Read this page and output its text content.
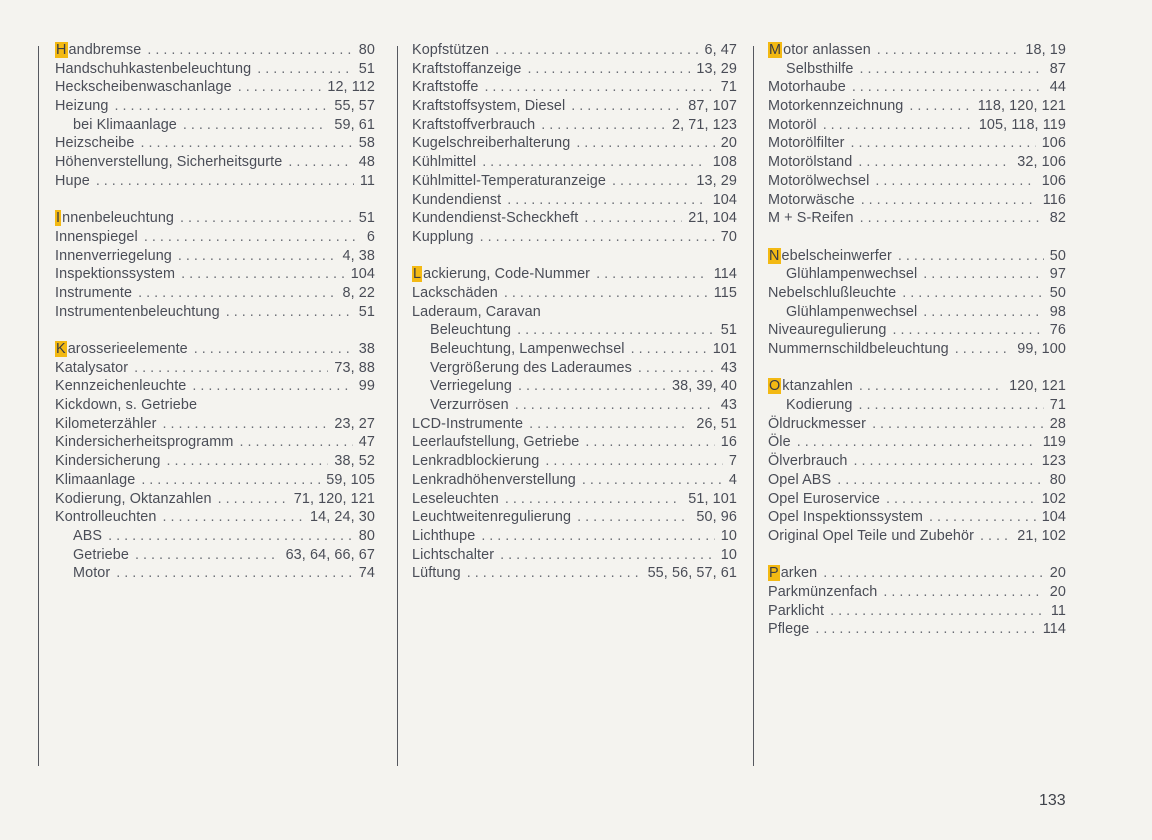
H andbremse . . .	80
Handschuhkastenbeleuchtung . . .	51
Heckscheibenwaschanlage . . .	12, 112
Heizung . . .	55, 57
bei Klimaanlage . . .	59, 61
Heizscheibe . . .	58
Höhenverstellung, Sicherheitsgurte . . .	48
Hupe . . .	11
I nnenbeleuchtung . . .	51
Innenspiegel . . .	6
Innenverriegelung . . .	4, 38
Inspektionssystem . . .	104
Instrumente . . .	8, 22
Instrumentenbeleuchtung . . .	51
K arosserieelemente . . .	38
Katalysator . . .	73, 88
Kennzeichenleuchte . . .	99
Kickdown, s. Getriebe
Kilometerzähler . . .	23, 27
Kindersicherheitsprogramm . . .	47
Kindersicherung . . .	38, 52
Klimaanlage . . .	59, 105
Kodierung, Oktanzahlen . . .	71, 120, 121
Kontrolleuchten . . .	14, 24, 30
ABS . . .	80
Getriebe . . .	63, 64, 66, 67
Motor . . .	74
Kopfstützen . . .	6, 47
Kraftstoffanzeige . . .	13, 29
Kraftstoffe . . .	71
Kraftstoffsystem, Diesel . . .	87, 107
Kraftstoffverbrauch . . .	2, 71, 123
Kugelschreiberhalterung . . .	20
Kühlmittel . . .	108
Kühlmittel-Temperaturanzeige . . .	13, 29
Kundendienst . . .	104
Kundendienst-Scheckheft . . .	21, 104
Kupplung . . .	70
L ackierung, Code-Nummer . . .	114
Lackschäden . . .	115
Laderaum, Caravan
Beleuchtung . . .	51
Beleuchtung, Lampenwechsel . . .	101
Vergrößerung des Laderaumes . . .	43
Verriegelung . . .	38, 39, 40
Verzurrösen . . .	43
LCD-Instrumente . . .	26, 51
Leerlaufstellung, Getriebe . . .	16
Lenkradblockierung . . .	7
Lenkradhöhenverstellung . . .	4
Leseleuchten . . .	51, 101
Leuchtweitenregulierung . . .	50, 96
Lichthupe . . .	10
Lichtschalter . . .	10
Lüftung . . .	55, 56, 57, 61
M otor anlassen . . .	18, 19
Selbsthilfe . . .	87
Motorhaube . . .	44
Motorkennzeichnung . . .	118, 120, 121
Motoröl . . .	105, 118, 119
Motorölfilter . . .	106
Motorölstand . . .	32, 106
Motorölwechsel . . .	106
Motorwäsche . . .	116
M + S-Reifen . . .	82
N ebelscheinwerfer . . .	50
Glühlampenwechsel . . .	97
Nebelschlußleuchte . . .	50
Glühlampenwechsel . . .	98
Niveauregulierung . . .	76
Nummernschildbeleuchtung . . .	99, 100
O ktanzahlen . . .	120, 121
Kodierung . . .	71
Öldruckmesser . . .	28
Öle . . .	119
Ölverbrauch . . .	123
Opel ABS . . .	80
Opel Euroservice . . .	102
Opel Inspektionssystem . . .	104
Original Opel Teile und Zubehör . . .	21, 102
P arken . . .	20
Parkmünzenfach . . .	20
Parklicht . . .	11
Pflege . . .	114
133
